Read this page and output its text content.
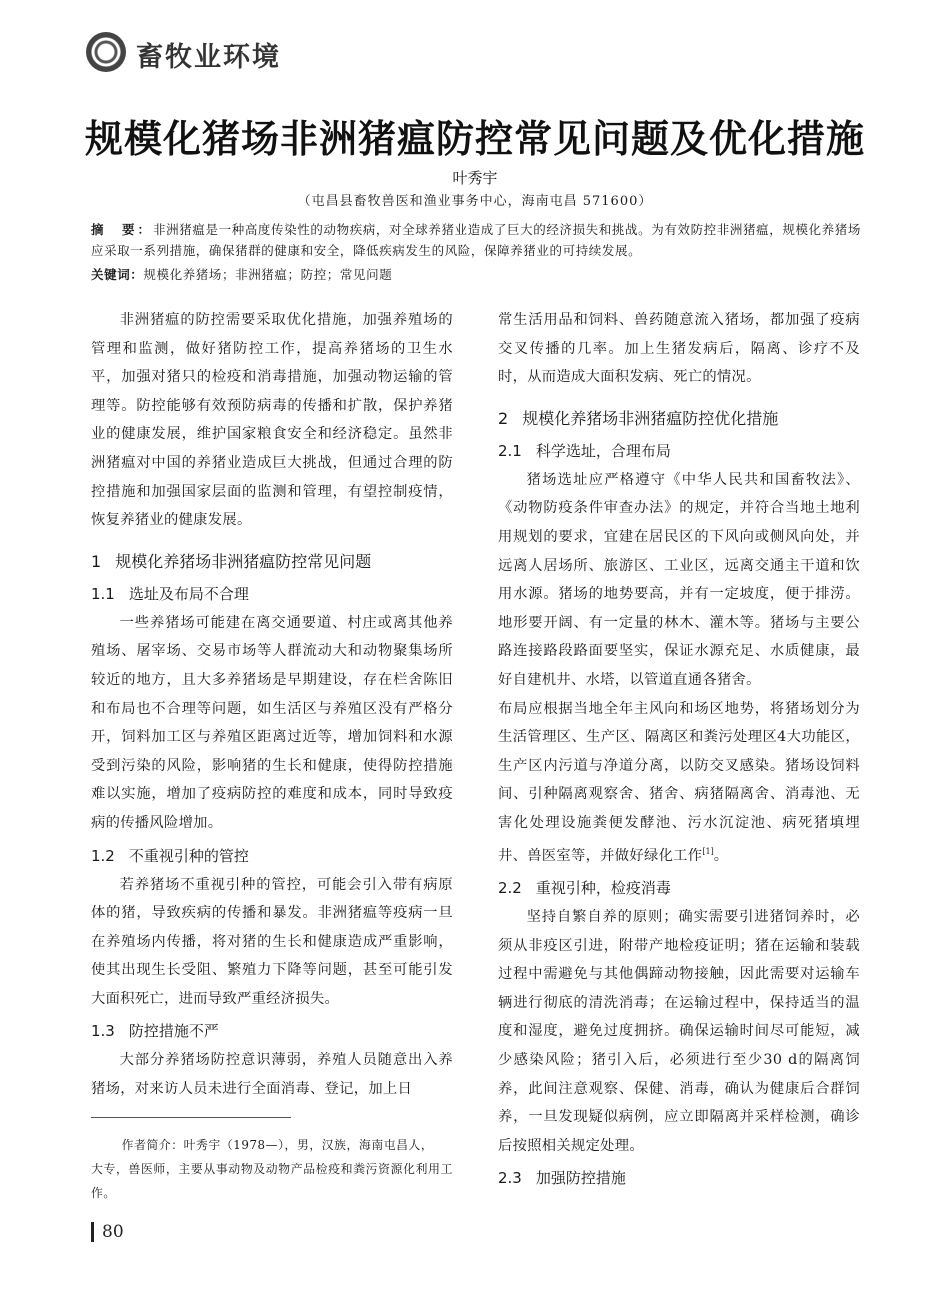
畜牧业环境
规模化猪场非洲猪瘟防控常见问题及优化措施
叶秀宇
（屯昌县畜牧兽医和渔业事务中心，海南屯昌 571600）
摘　要：非洲猪瘟是一种高度传染性的动物疾病，对全球养猪业造成了巨大的经济损失和挑战。为有效防控非洲猪瘟，规模化养猪场应采取一系列措施，确保猪群的健康和安全，降低疾病发生的风险，保障养猪业的可持续发展。
关键词：规模化养猪场；非洲猪瘟；防控；常见问题

非洲猪瘟的防控需要采取优化措施，加强养殖场的管理和监测，做好猪防控工作，提高养猪场的卫生水平，加强对猪只的检疫和消毒措施，加强动物运输的管理等。防控能够有效预防病毒的传播和扩散，保护养猪业的健康发展，维护国家粮食安全和经济稳定。虽然非洲猪瘟对中国的养猪业造成巨大挑战，但通过合理的防控措施和加强国家层面的监测和管理，有望控制疫情，恢复养猪业的健康发展。

1 规模化养猪场非洲猪瘟防控常见问题
1.1 选址及布局不合理

一些养猪场可能建在离交通要道、村庄或离其他养殖场、屠宰场、交易市场等人群流动大和动物聚集场所较近的地方，且大多养猪场是早期建设，存在栏舍陈旧和布局也不合理等问题，如生活区与养殖区没有严格分开，饲料加工区与养殖区距离过近等，增加饲料和水源受到污染的风险，影响猪的生长和健康，使得防控措施难以实施，增加了疫病防控的难度和成本，同时导致疫病的传播风险增加。

1.2 不重视引种的管控

若养猪场不重视引种的管控，可能会引入带有病原体的猪，导致疾病的传播和暴发。非洲猪瘟等疫病一旦在养殖场内传播，将对猪的生长和健康造成严重影响，使其出现生长受阻、繁殖力下降等问题，甚至可能引发大面积死亡，进而导致严重经济损失。

1.3 防控措施不严

大部分养猪场防控意识薄弱，养殖人员随意出入养猪场，对来访人员未进行全面消毒、登记，加上日

作者简介：叶秀宇（1978—），男，汉族，海南屯昌人，
大专，兽医师，主要从事动物及动物产品检疫和粪污资源化利用工作。

常生活用品和饲料、兽药随意流入猪场，都加强了疫病交叉传播的几率。加上生猪发病后，隔离、诊疗不及时，从而造成大面积发病、死亡的情况。

2 规模化养猪场非洲猪瘟防控优化措施
2.1 科学选址，合理布局

猪场选址应严格遵守《中华人民共和国畜牧法》、《动物防疫条件审查办法》的规定，并符合当地土地利用规划的要求，宜建在居民区的下风向或侧风向处，并远离人居场所、旅游区、工业区，远离交通主干道和饮用水源。猪场的地势要高，并有一定坡度，便于排涝。地形要开阔、有一定量的林木、灌木等。猪场与主要公路连接路段路面要坚实，保证水源充足、水质健康，最好自建机井、水塔，以管道直通各猪舍。

布局应根据当地全年主风向和场区地势，将猪场划分为生活管理区、生产区、隔离区和粪污处理区4大功能区，生产区内污道与净道分离，以防交叉感染。猪场设饲料间、引种隔离观察舍、猪舍、病猪隔离舍、消毒池、无害化处理设施粪便发酵池、污水沉淀池、病死猪填埋井、兽医室等，并做好绿化工作[1]。

2.2 重视引种，检疫消毒

坚持自繁自养的原则；确实需要引进猪饲养时，必须从非疫区引进，附带产地检疫证明；猪在运输和装载过程中需避免与其他偶蹄动物接触，因此需要对运输车辆进行彻底的清洗消毒；在运输过程中，保持适当的温度和湿度，避免过度拥挤。确保运输时间尽可能短，减少感染风险；猪引入后，必须进行至少30 d的隔离饲养，此间注意观察、保健、消毒，确认为健康后合群饲养，一旦发现疑似病例，应立即隔离并采样检测，确诊后按照相关规定处理。

2.3 加强防控措施
80
